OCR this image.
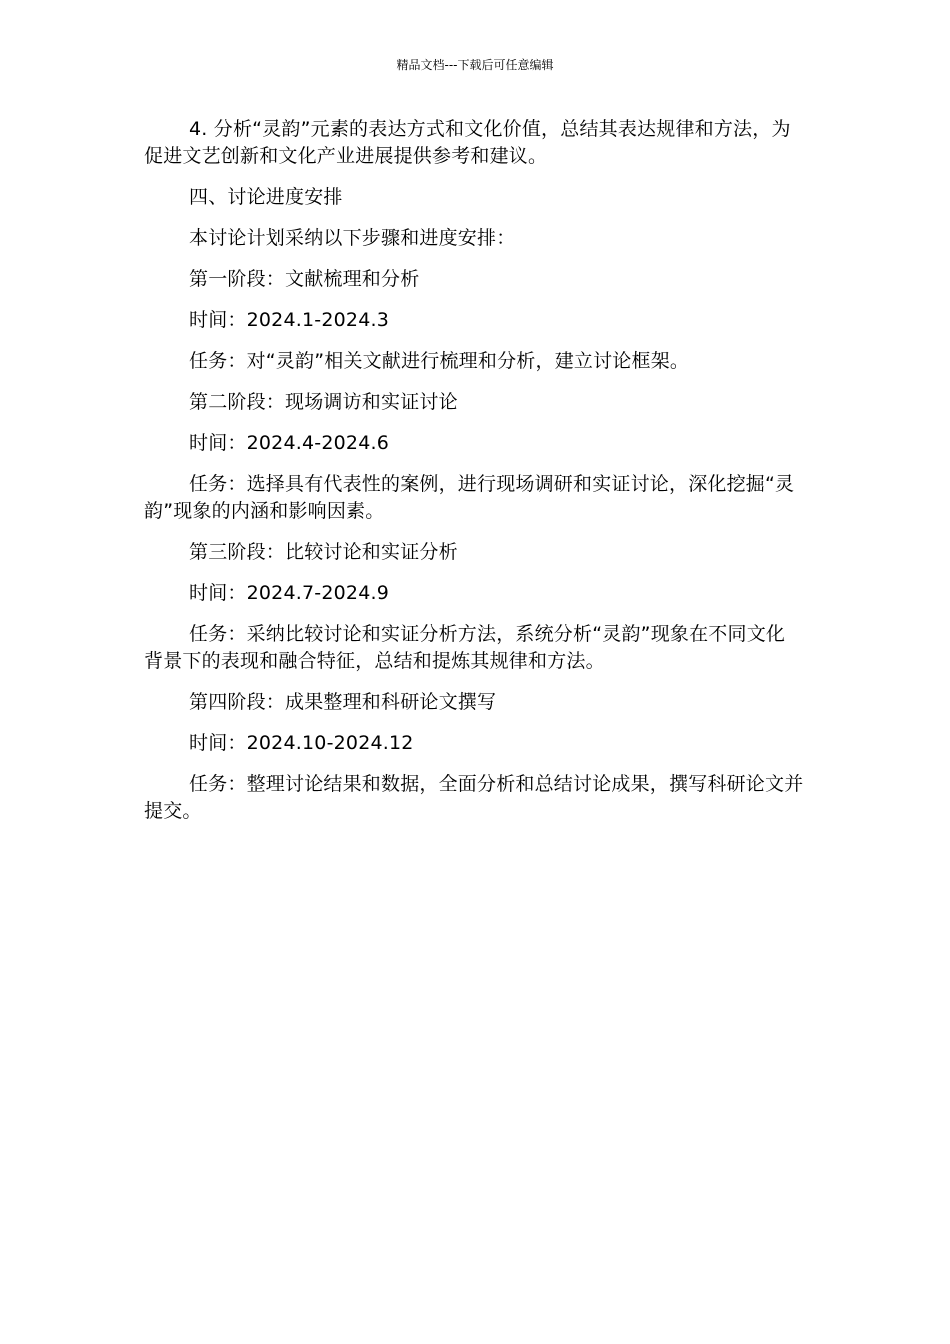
精品文档---下载后可任意编辑

4. 分析“灵韵”元素的表达方式和文化价值，总结其表达规律和方法，为促进文艺创新和文化产业进展提供参考和建议。

四、讨论进度安排

本讨论计划采纳以下步骤和进度安排：

第一阶段：文献梳理和分析

时间：2024.1-2024.3

任务：对“灵韵”相关文献进行梳理和分析，建立讨论框架。

第二阶段：现场调访和实证讨论

时间：2024.4-2024.6

任务：选择具有代表性的案例，进行现场调研和实证讨论，深化挖掘“灵韵”现象的内涵和影响因素。

第三阶段：比较讨论和实证分析

时间：2024.7-2024.9

任务：采纳比较讨论和实证分析方法，系统分析“灵韵”现象在不同文化背景下的表现和融合特征，总结和提炼其规律和方法。

第四阶段：成果整理和科研论文撰写

时间：2024.10-2024.12

任务：整理讨论结果和数据，全面分析和总结讨论成果，撰写科研论文并提交。
